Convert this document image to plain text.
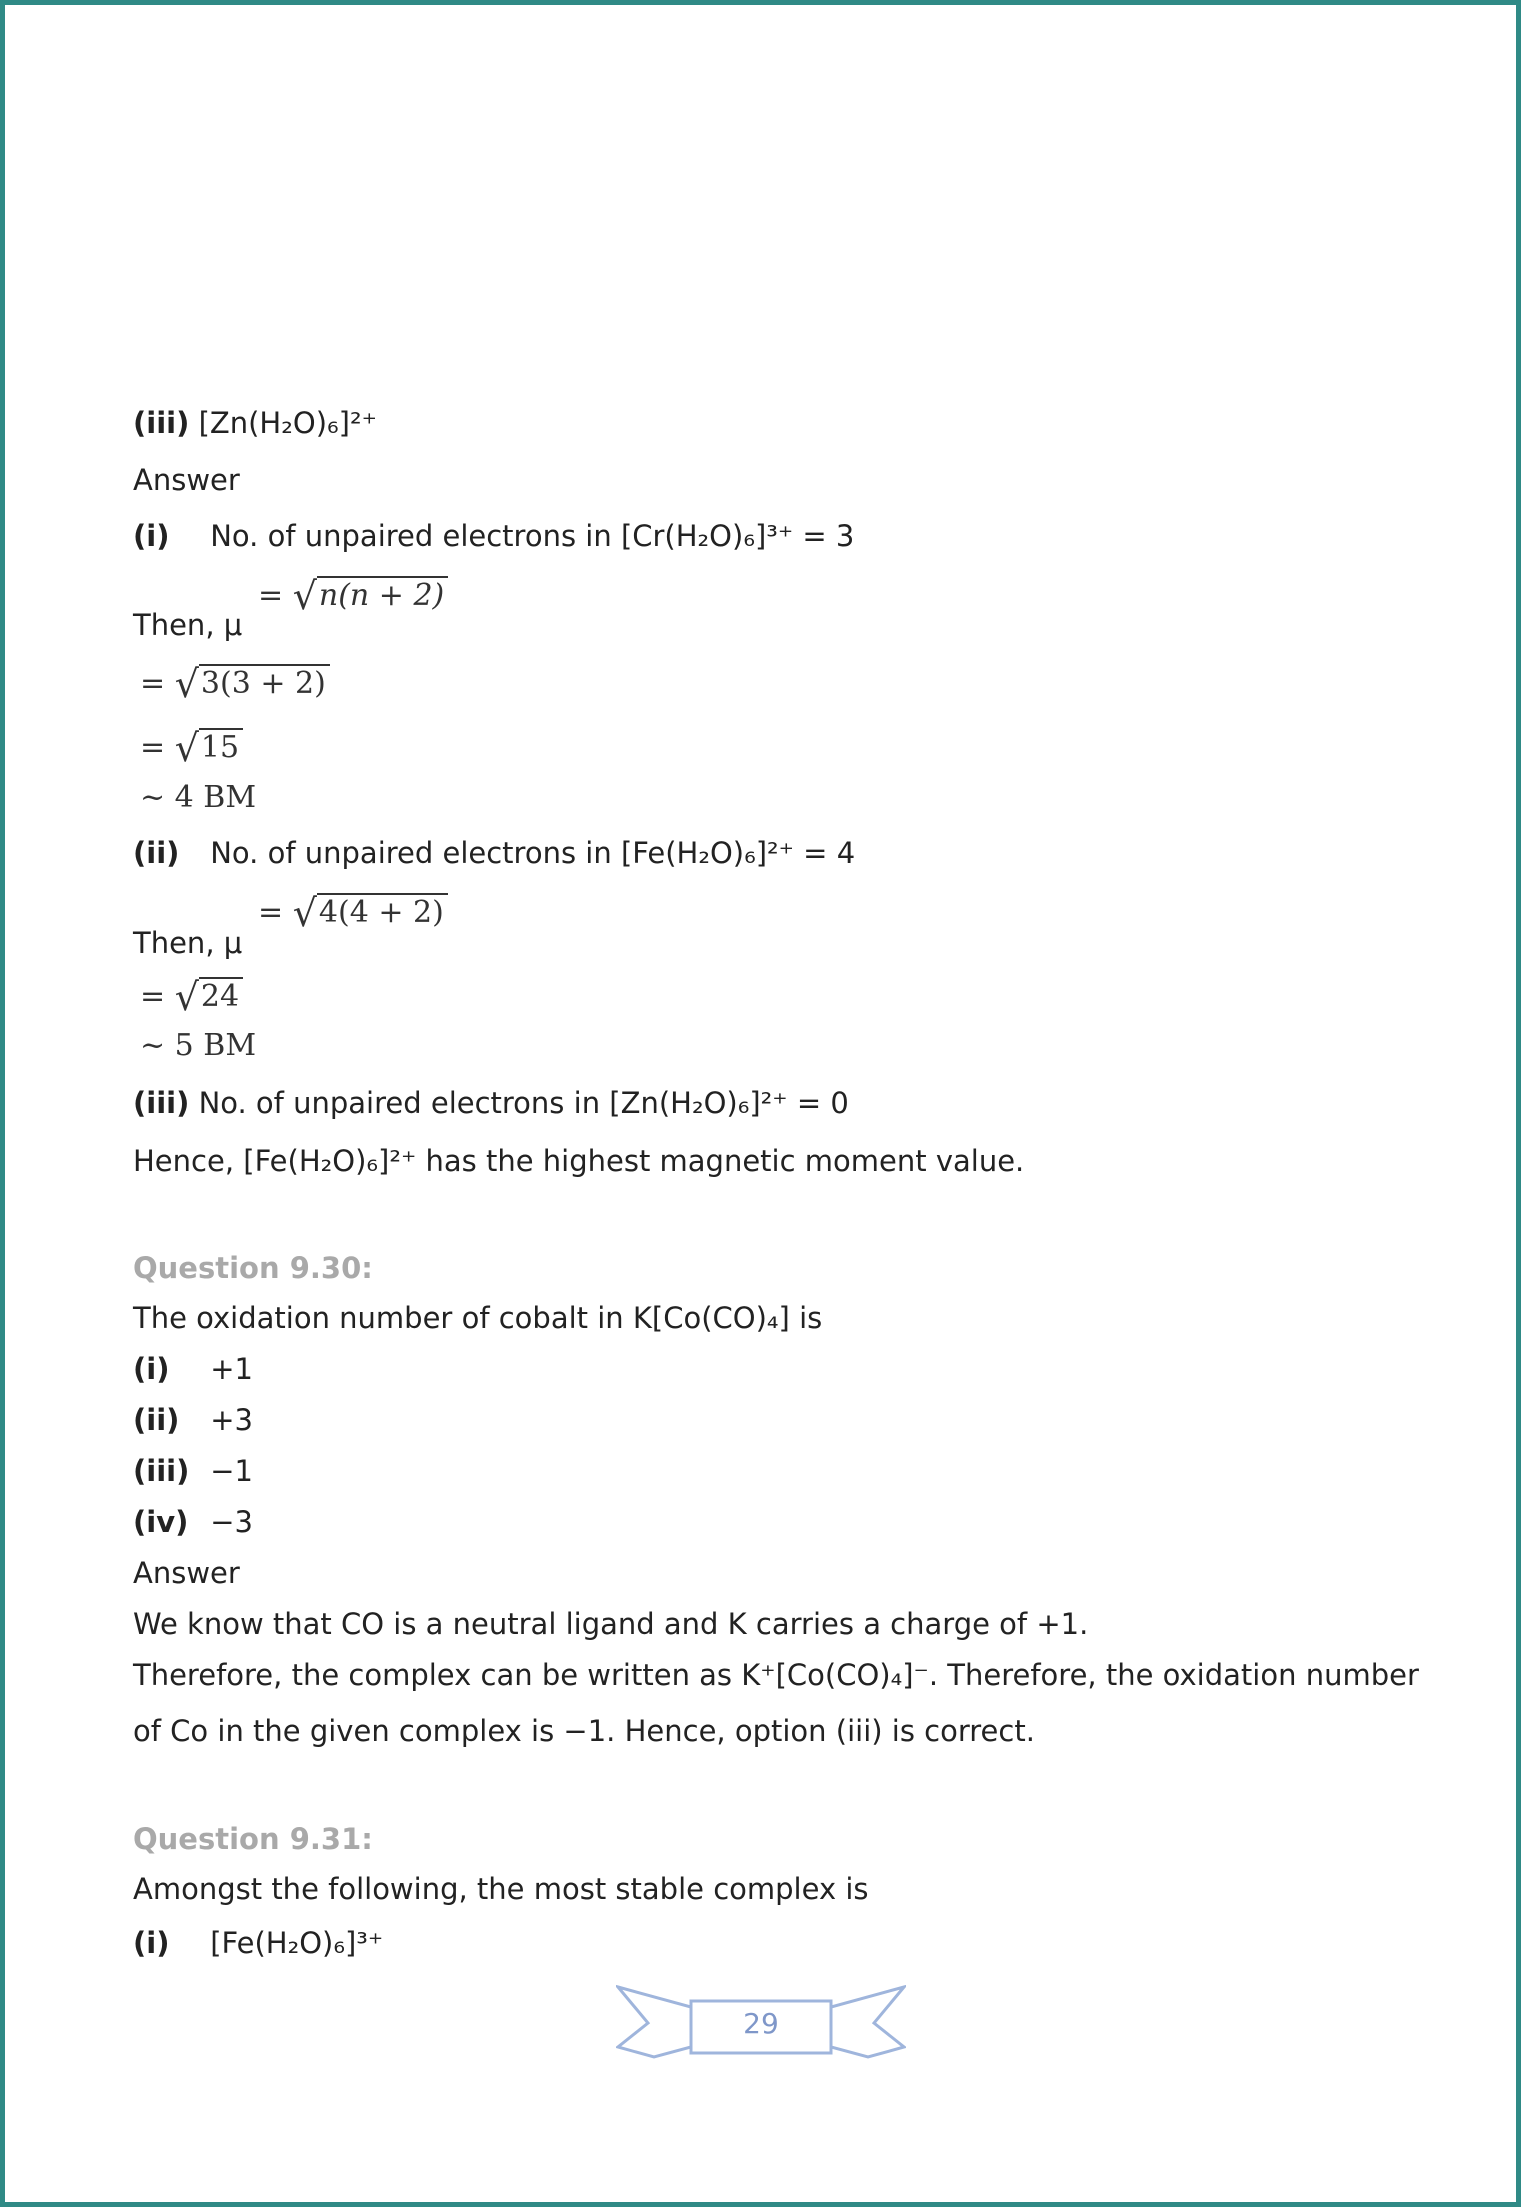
(iii) [Zn(H₂O)₆]²⁺
Answer
(i) No. of unpaired electrons in [Cr(H₂O)₆]³⁺ = 3
Then, μ
= √n(n + 2)
= √3(3 + 2)
= √15
~ 4 BM
(ii) No. of unpaired electrons in [Fe(H₂O)₆]²⁺ = 4
Then, μ
= √4(4 + 2)
= √24
~ 5 BM
(iii) No. of unpaired electrons in [Zn(H₂O)₆]²⁺ = 0
Hence, [Fe(H₂O)₆]²⁺ has the highest magnetic moment value.
Question 9.30:
The oxidation number of cobalt in K[Co(CO)₄] is
(i) +1
(ii) +3
(iii) −1
(iv) −3
Answer
We know that CO is a neutral ligand and K carries a charge of +1.
Therefore, the complex can be written as K⁺[Co(CO)₄]⁻. Therefore, the oxidation number
of Co in the given complex is −1. Hence, option (iii) is correct.
Question 9.31:
Amongst the following, the most stable complex is
(i) [Fe(H₂O)₆]³⁺
29
